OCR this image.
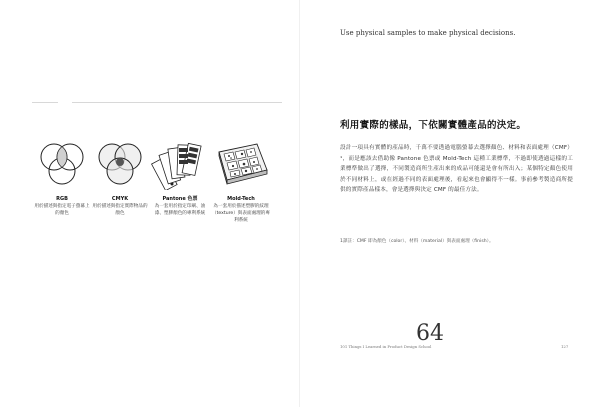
RGB
用於描述與指定電子螢幕上的顏色
CMYK
用於描述與指定實際物品的顏色
Pantone 色票
為一套用於指定印刷、油漆、塑膠顏色的專利系統
Mold-Tech
為一套用於描述塑膠的紋理（texture）與表面處理的專利系統
Use physical samples to make physical decisions.
利用實際的樣品，下依關實體產品的決定。
設計一項具有實體的產品時，千萬不要透過電腦螢幕去選擇顏色、材料和表面處理（CMF）¹，而是應該去借助像 Pantone 色票或 Mold-Tech 這種工業標準，不過即使透過這樣的工業標準做出了選擇，不同製造商所生產出來的成品可能還是會有所出入；某個特定顏色使用於不同材料上，或在經過不同的表面處理後，看起來也會顯得不一樣。事前參考製造商所提供的實際產品樣本，會是選擇與決定 CMF 的最佳方法。
1譯註：CMF 即為顏色（color）、材料（material）與表面處理（finish）。
101 Things I Learned in Product Design School
64
127
